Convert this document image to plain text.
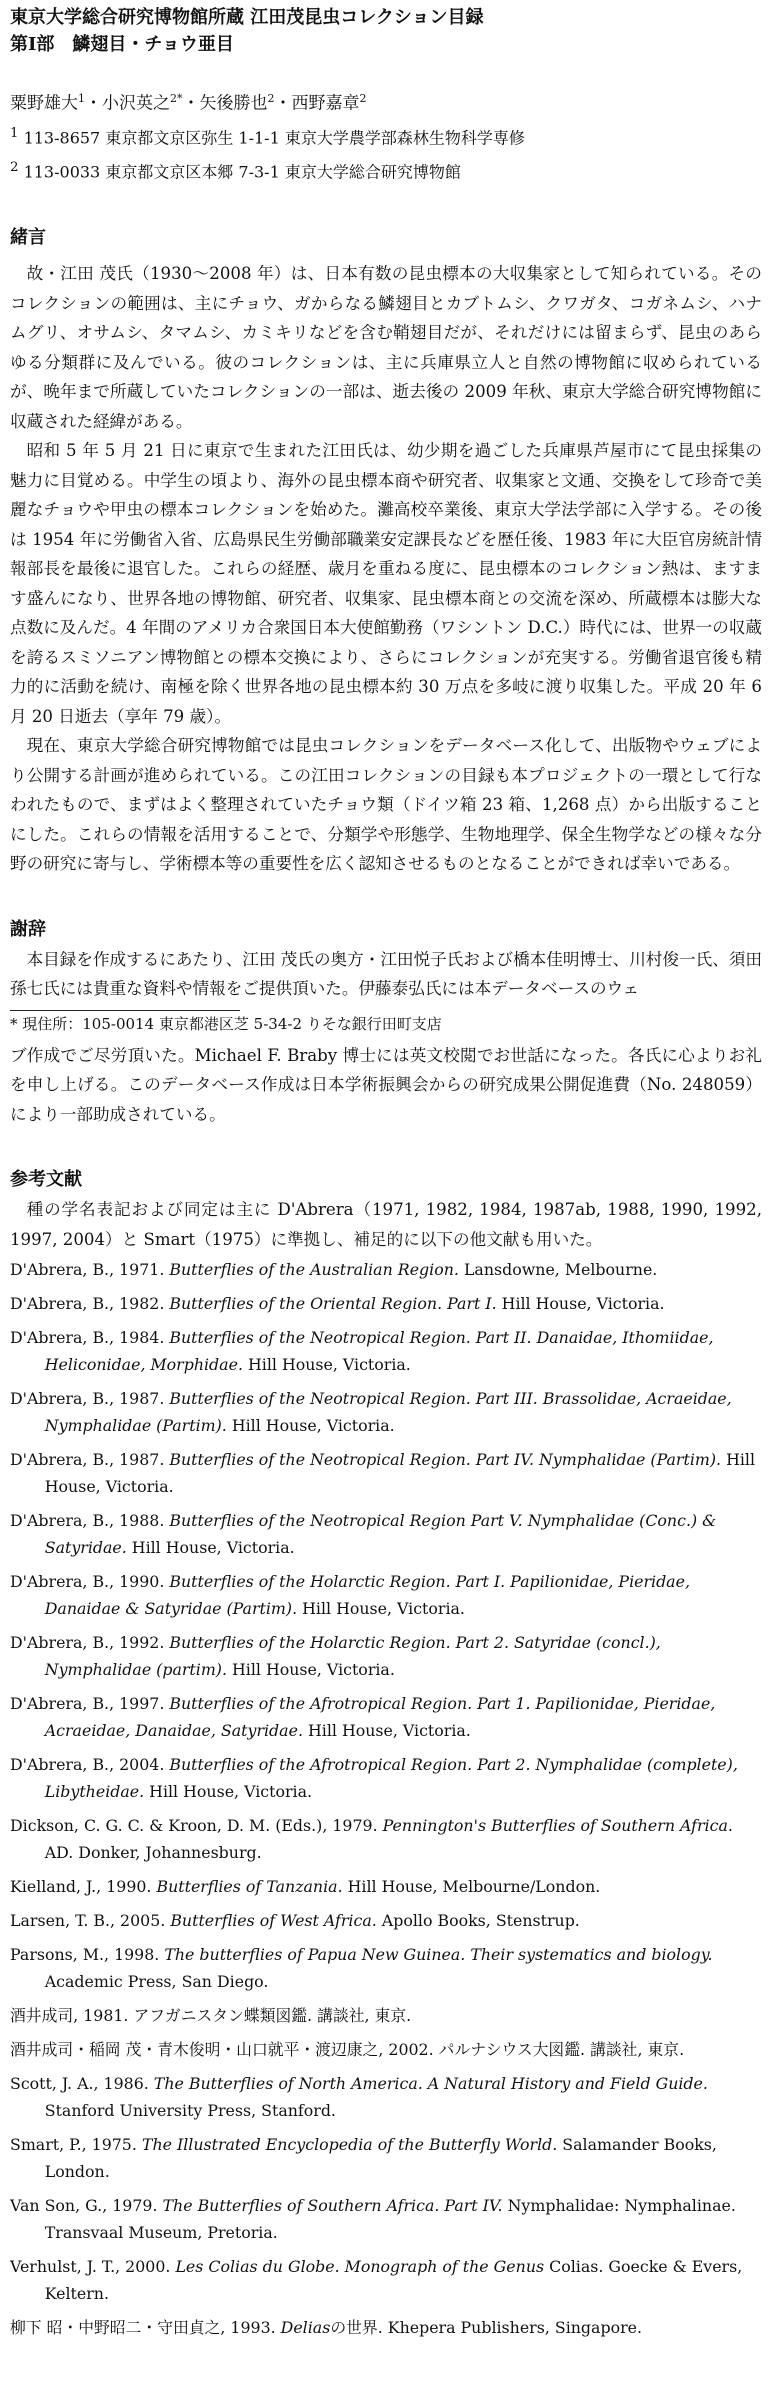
東京大学総合研究博物館所蔵 江田茂昆虫コレクション目録
第Ⅰ部　鱗翅目・チョウ亜目
粟野雄大$^1$・小沢英之$^{2*}$・矢後勝也$^2$・西野嘉章$^2$
$^1$ 113-8657 東京都文京区弥生 1-1-1 東京大学農学部森林生物科学専修
$^2$ 113-0033 東京都文京区本郷 7-3-1 東京大学総合研究博物館
緒言

故・江田 茂氏（1930～2008 年）は、日本有数の昆虫標本の大収集家として知られている。そのコレクションの範囲は、主にチョウ、ガからなる鱗翅目とカブトムシ、クワガタ、コガネムシ、ハナムグリ、オサムシ、タマムシ、カミキリなどを含む鞘翅目だが、それだけには留まらず、昆虫のあらゆる分類群に及んでいる。彼のコレクションは、主に兵庫県立人と自然の博物館に収められているが、晩年まで所蔵していたコレクションの一部は、逝去後の 2009 年秋、東京大学総合研究博物館に収蔵された経緯がある。

昭和 5 年 5 月 21 日に東京で生まれた江田氏は、幼少期を過ごした兵庫県芦屋市にて昆虫採集の魅力に目覚める。中学生の頃より、海外の昆虫標本商や研究者、収集家と文通、交換をして珍奇で美麗なチョウや甲虫の標本コレクションを始めた。灘高校卒業後、東京大学法学部に入学する。その後は 1954 年に労働省入省、広島県民生労働部職業安定課長などを歴任後、1983 年に大臣官房統計情報部長を最後に退官した。これらの経歴、歳月を重ねる度に、昆虫標本のコレクション熱は、ますます盛んになり、世界各地の博物館、研究者、収集家、昆虫標本商との交流を深め、所蔵標本は膨大な点数に及んだ。4 年間のアメリカ合衆国日本大使館勤務（ワシントン D.C.）時代には、世界一の収蔵を誇るスミソニアン博物館との標本交換により、さらにコレクションが充実する。労働省退官後も精力的に活動を続け、南極を除く世界各地の昆虫標本約 30 万点を多岐に渡り収集した。平成 20 年 6 月 20 日逝去（享年 79 歳）。

現在、東京大学総合研究博物館では昆虫コレクションをデータベース化して、出版物やウェブにより公開する計画が進められている。この江田コレクションの目録も本プロジェクトの一環として行なわれたもので、まずはよく整理されていたチョウ類（ドイツ箱 23 箱、1,268 点）から出版することにした。これらの情報を活用することで、分類学や形態学、生物地理学、保全生物学などの様々な分野の研究に寄与し、学術標本等の重要性を広く認知させるものとなることができれば幸いである。

謝辞

本目録を作成するにあたり、江田 茂氏の奥方・江田悦子氏および橋本佳明博士、川村俊一氏、須田孫七氏には貴重な資料や情報をご提供頂いた。伊藤泰弘氏には本データベースのウェ

* 現住所：105-0014 東京都港区芝 5-34-2 りそな銀行田町支店

ブ作成でご尽労頂いた。Michael F. Braby 博士には英文校閲でお世話になった。各氏に心よりお礼を申し上げる。このデータベース作成は日本学術振興会からの研究成果公開促進費（No. 248059）により一部助成されている。

参考文献

種の学名表記および同定は主に D'Abrera（1971, 1982, 1984, 1987ab, 1988, 1990, 1992, 1997, 2004）と Smart（1975）に準拠し、補足的に以下の他文献も用いた。

D'Abrera, B., 1971. Butterflies of the Australian Region. Lansdowne, Melbourne.

D'Abrera, B., 1982. Butterflies of the Oriental Region. Part I. Hill House, Victoria.

D'Abrera, B., 1984. Butterflies of the Neotropical Region. Part II. Danaidae, Ithomiidae, Heliconidae, Morphidae. Hill House, Victoria.

D'Abrera, B., 1987. Butterflies of the Neotropical Region. Part III. Brassolidae, Acraeidae, Nymphalidae (Partim). Hill House, Victoria.

D'Abrera, B., 1987. Butterflies of the Neotropical Region. Part IV. Nymphalidae (Partim). Hill House, Victoria.

D'Abrera, B., 1988. Butterflies of the Neotropical Region Part V. Nymphalidae (Conc.) & Satyridae. Hill House, Victoria.

D'Abrera, B., 1990. Butterflies of the Holarctic Region. Part I. Papilionidae, Pieridae, Danaidae & Satyridae (Partim). Hill House, Victoria.

D'Abrera, B., 1992. Butterflies of the Holarctic Region. Part 2. Satyridae (concl.), Nymphalidae (partim). Hill House, Victoria.

D'Abrera, B., 1997. Butterflies of the Afrotropical Region. Part 1. Papilionidae, Pieridae, Acraeidae, Danaidae, Satyridae. Hill House, Victoria.

D'Abrera, B., 2004. Butterflies of the Afrotropical Region. Part 2. Nymphalidae (complete), Libytheidae. Hill House, Victoria.

Dickson, C. G. C. & Kroon, D. M. (Eds.), 1979. Pennington's Butterflies of Southern Africa. AD. Donker, Johannesburg.

Kielland, J., 1990. Butterflies of Tanzania. Hill House, Melbourne/London.

Larsen, T. B., 2005. Butterflies of West Africa. Apollo Books, Stenstrup.

Parsons, M., 1998. The butterflies of Papua New Guinea. Their systematics and biology. Academic Press, San Diego.

酒井成司, 1981. アフガニスタン蝶類図鑑. 講談社, 東京.

酒井成司・稲岡 茂・青木俊明・山口就平・渡辺康之, 2002. パルナシウス大図鑑. 講談社, 東京.

Scott, J. A., 1986. The Butterflies of North America. A Natural History and Field Guide. Stanford University Press, Stanford.

Smart, P., 1975. The Illustrated Encyclopedia of the Butterfly World. Salamander Books, London.

Van Son, G., 1979. The Butterflies of Southern Africa. Part IV. Nymphalidae: Nymphalinae. Transvaal Museum, Pretoria.

Verhulst, J. T., 2000. Les Colias du Globe. Monograph of the Genus Colias. Goecke & Evers, Keltern.

柳下 昭・中野昭二・守田貞之, 1993. Deliasの世界. Khepera Publishers, Singapore.
